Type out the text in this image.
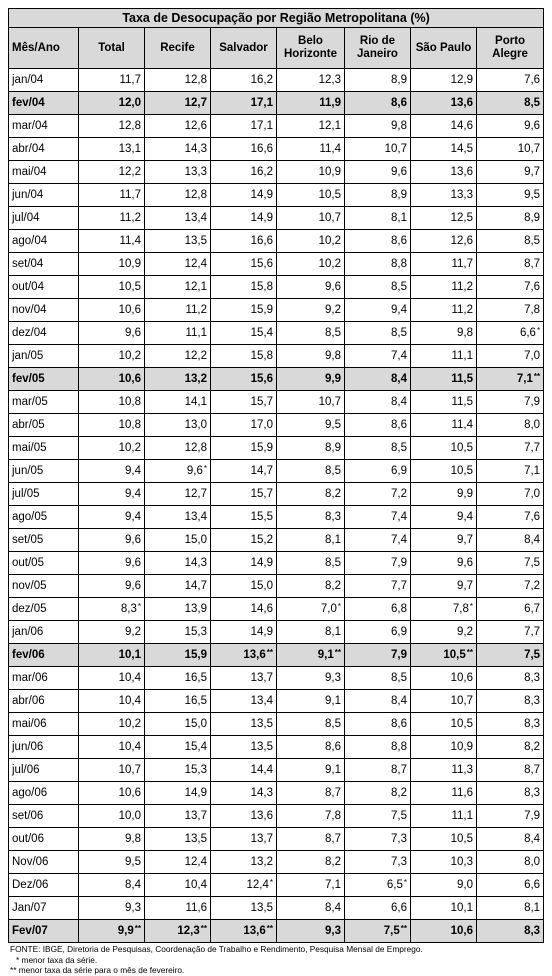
Taxa de Desocupação por Região Metropolitana (%)							
Mês/Ano	Total	Recife	Salvador	Belo Horizonte	Rio de Janeiro	São Paulo	Porto Alegre
jan/04	11,7	12,8	16,2	12,3	8,9	12,9	7,6
fev/04	12,0	12,7	17,1	11,9	8,6	13,6	8,5
mar/04	12,8	12,6	17,1	12,1	9,8	14,6	9,6
abr/04	13,1	14,3	16,6	11,4	10,7	14,5	10,7
mai/04	12,2	13,3	16,2	10,9	9,6	13,6	9,7
jun/04	11,7	12,8	14,9	10,5	8,9	13,3	9,5
jul/04	11,2	13,4	14,9	10,7	8,1	12,5	8,9
ago/04	11,4	13,5	16,6	10,2	8,6	12,6	8,5
set/04	10,9	12,4	15,6	10,2	8,8	11,7	8,7
out/04	10,5	12,1	15,8	9,6	8,5	11,2	7,6
nov/04	10,6	11,2	15,9	9,2	9,4	11,2	7,8
dez/04	9,6	11,1	15,4	8,5	8,5	9,8	6,6*
jan/05	10,2	12,2	15,8	9,8	7,4	11,1	7,0
fev/05	10,6	13,2	15,6	9,9	8,4	11,5	7,1**
mar/05	10,8	14,1	15,7	10,7	8,4	11,5	7,9
abr/05	10,8	13,0	17,0	9,5	8,6	11,4	8,0
mai/05	10,2	12,8	15,9	8,9	8,5	10,5	7,7
jun/05	9,4	9,6*	14,7	8,5	6,9	10,5	7,1
jul/05	9,4	12,7	15,7	8,2	7,2	9,9	7,0
ago/05	9,4	13,4	15,5	8,3	7,4	9,4	7,6
set/05	9,6	15,0	15,2	8,1	7,4	9,7	8,4
out/05	9,6	14,3	14,9	8,5	7,9	9,6	7,5
nov/05	9,6	14,7	15,0	8,2	7,7	9,7	7,2
dez/05	8,3*	13,9	14,6	7,0*	6,8	7,8*	6,7
jan/06	9,2	15,3	14,9	8,1	6,9	9,2	7,7
fev/06	10,1	15,9	13,6**	9,1**	7,9	10,5**	7,5
mar/06	10,4	16,5	13,7	9,3	8,5	10,6	8,3
abr/06	10,4	16,5	13,4	9,1	8,4	10,7	8,3
mai/06	10,2	15,0	13,5	8,5	8,6	10,5	8,3
jun/06	10,4	15,4	13,5	8,6	8,8	10,9	8,2
jul/06	10,7	15,3	14,4	9,1	8,7	11,3	8,7
ago/06	10,6	14,9	14,3	8,7	8,2	11,6	8,3
set/06	10,0	13,7	13,6	7,8	7,5	11,1	7,9
out/06	9,8	13,5	13,7	8,7	7,3	10,5	8,4
Nov/06	9,5	12,4	13,2	8,2	7,3	10,3	8,0
Dez/06	8,4	10,4	12,4*	7,1	6,5*	9,0	6,6
Jan/07	9,3	11,6	13,5	8,4	6,6	10,1	8,1
Fev/07	9,9**	12,3**	13,6**	9,3	7,5**	10,6	8,3
FONTE: IBGE, Diretoria de Pesquisas, Coordenação de Trabalho e Rendimento, Pesquisa Mensal de Emprego.
* menor taxa da série.
** menor taxa da série para o mês de fevereiro.
